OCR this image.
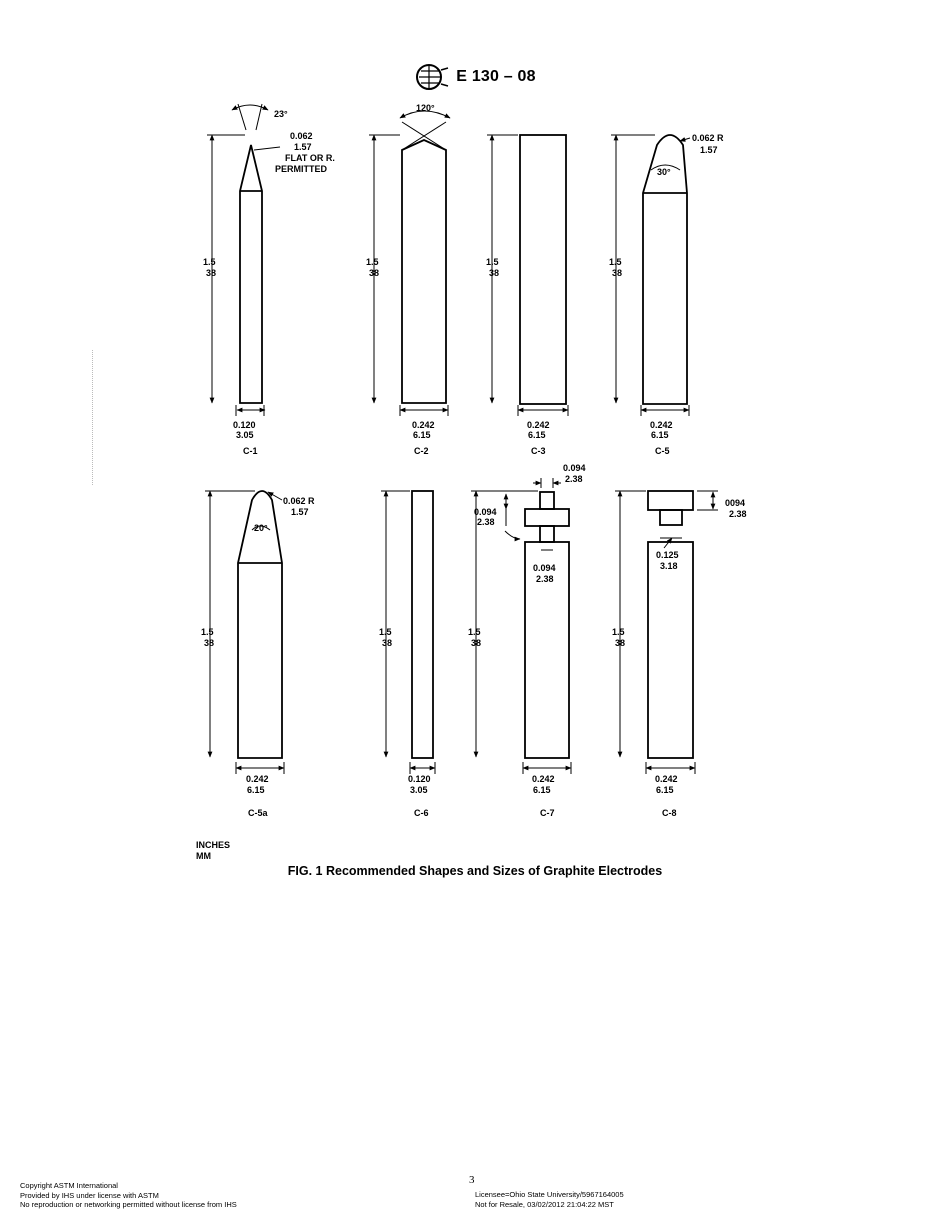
E 130 – 08
23°
0.062
1.57
FLAT OR R.
PERMITTED
1.5
38
0.120
3.05
C-1
120°
1.5
38
0.242
6.15
C-2
1.5
38
0.242
6.15
C-3
0.062 R
1.57
30°
1.5
38
0.242
6.15
C-5
0.062 R
1.57
20°
1.5
38
0.242
6.15
C-5a
1.5
38
0.120
3.05
C-6
0.094
2.38
0.094
2.38
0.094
2.38
1.5
38
0.242
6.15
C-7
0094
2.38
0.125
3.18
1.5
38
0.242
6.15
C-8
INCHES
MM
FIG. 1 Recommended Shapes and Sizes of Graphite Electrodes
3
Copyright ASTM International
Provided by IHS under license with ASTM
No reproduction or networking permitted without license from IHS
Licensee=Ohio State University/5967164005
Not for Resale, 03/02/2012 21:04:22 MST
